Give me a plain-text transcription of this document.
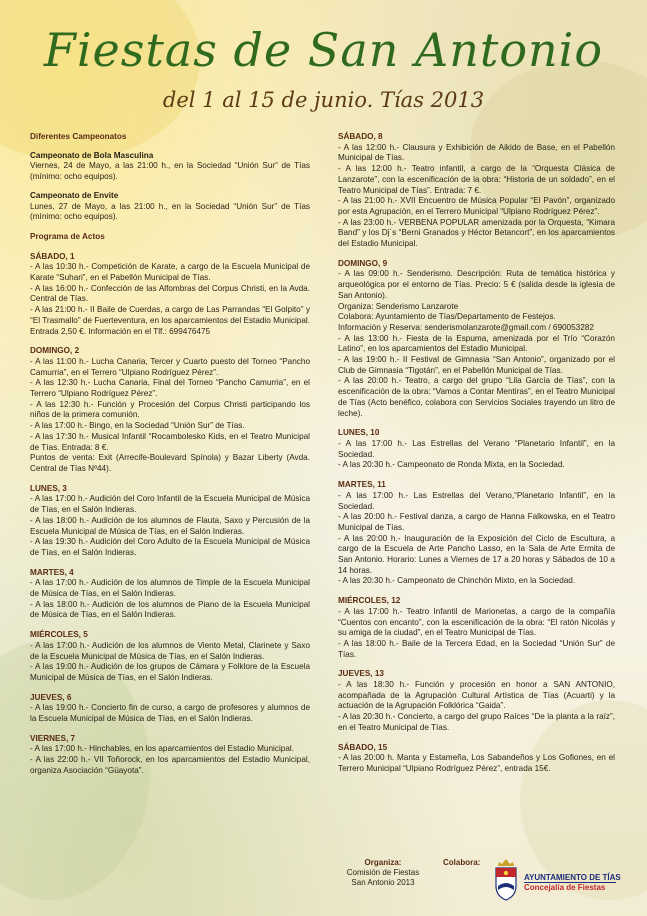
Fiestas de San Antonio
del 1 al 15 de junio. Tías 2013

Diferentes Campeonatos

Campeonato de Bola Masculina

Viernes, 24 de Mayo, a las 21:00 h., en la Sociedad “Unión Sur” de Tías (mínimo: ocho equipos).

Campeonato de Envite

Lunes, 27 de Mayo, a las 21:00 h., en la Sociedad “Unión Sur” de Tías (mínimo: ocho equipos).

Programa de Actos

SÁBADO, 1

- A las 10:30 h.- Competición de Karate, a cargo de la Escuela Municipal de Karate “Suhari”, en el Pabellón Municipal de Tías.

- A las 16:00 h.- Confección de las Alfombras del Corpus Christi, en la Avda. Central de Tías.

- A las 21:00 h.- II Baile de Cuerdas, a cargo de Las Parrandas “El Golpito” y “El Trasmallo” de Fuerteventura, en los aparcamientos del Estadio Municipal. Entrada 2,50 €. Información en el Tlf.: 699476475

DOMINGO, 2

- A las 11:00 h.- Lucha Canaria, Tercer y Cuarto puesto del Torneo “Pancho Camurria”, en el Terrero “Ulpiano Rodríguez Pérez”.

- A las 12:30 h.- Lucha Canaria, Final del Torneo “Pancho Camurria”, en el Terrero “Ulpiano Rodríguez Pérez”.

- A las 12:30 h.- Función y Procesión del Corpus Christi participando los niños de la primera comunión.

- A las 17:00 h.- Bingo, en la Sociedad “Unión Sur” de Tías.

- A las 17:30 h.- Musical Infantil “Rocambolesko Kids, en el Teatro Municipal de Tías. Entrada: 8 €.

Puntos de venta: Exit (Arrecife-Boulevard Spínola) y Bazar Liberty (Avda. Central de Tías Nº44).

LUNES, 3

- A las 17:00 h.- Audición del Coro Infantil de la Escuela Municipal de Música de Tías, en el Salón Indieras.

- A las 18:00 h.- Audición de los alumnos de Flauta, Saxo y Percusión de la Escuela Municipal de Música de Tías, en el Salón Indieras.

- A las 19:30 h.- Audición del Coro Adulto de la Escuela Municipal de Música de Tías, en el Salón Indieras.

MARTES, 4

- A las 17:00 h.- Audición de los alumnos de Timple de la Escuela Municipal de Música de Tías, en el Salón Indieras.

- A las 18:00 h.- Audición de los alumnos de Piano de la Escuela Municipal de Música de Tías, en el Salón Indieras.

MIÉRCOLES, 5

- A las 17:00 h.- Audición de los alumnos de Viento Metal, Clarinete y Saxo de la Escuela Municipal de Música de Tías, en el Salón Indieras.

- A las 19:00 h.- Audición de los grupos de Cámara y Folklore de la Escuela Municipal de Música de Tías, en el Salón Indieras.

JUEVES, 6

- A las 19:00 h.- Concierto fin de curso, a cargo de profesores y alumnos de la Escuela Municipal de Música de Tías, en el Salón Indieras.

VIERNES, 7

- A las 17:00 h.- Hinchables, en los aparcamientos del Estadio Municipal.

- A las 22:00 h.- VII Toñorock, en los aparcamientos del Estadio Municipal, organiza Asociación “Güayota”.

SÁBADO, 8

- A las 12:00 h.- Clausura y Exhibición de Aikido de Base, en el Pabellón Municipal de Tías.

- A las 12:00 h.- Teatro infantil, a cargo de la “Orquesta Clásica de Lanzarote”, con la escenificación de la obra: “Historia de un soldado”, en el Teatro Municipal de Tías”. Entrada: 7 €.

- A las 21:00 h.- XVII Encuentro de Música Popular “El Pavón”, organizado por esta Agrupación, en el Terrero Municipal “Ulpiano Rodríguez Pérez”.

- A las 23:00 h.- VERBENA POPULAR amenizada por la Orquesta, “Kimara Band” y los Dj´s “Berni Granados y Héctor Betancort”, en los aparcamientos del Estadio Municipal.

DOMINGO, 9

- A las 09:00 h.- Senderismo. Descripción: Ruta de temática histórica y arqueológica por el entorno de Tías. Precio: 5 € (salida desde la iglesia de San Antonio).

Organiza: Senderismo Lanzarote

Colabora: Ayuntamiento de Tías/Departamento de Festejos.

Información y Reserva: senderismolanzarote@gmail.com / 690053282

- A las 13:00 h.- Fiesta de la Espuma, amenizada por el Trío “Corazón Latino”, en los aparcamientos del Estadio Municipal.

- A las 19:00 h.- II Festival de Gimnasia “San Antonio”, organizado por el Club de Gimnasia “Tigotán”, en el Pabellón Municipal de Tías.

- A las 20:00 h.- Teatro, a cargo del grupo “Lila García de Tías”, con la escenificación de la obra: “Vamos a Contar Mentiras”, en el Teatro Municipal de Tías (Acto benéfico, colabora con Servicios Sociales trayendo un litro de leche).

LUNES, 10

- A las 17:00 h.- Las Estrellas del Verano “Planetario Infantil”, en la Sociedad.

- A las 20:30 h.- Campeonato de Ronda Mixta, en la Sociedad.

MARTES, 11

- A las 17:00 h.- Las Estrellas del Verano,“Planetario Infantil”, en la Sociedad.

- A las 20:00 h.- Festival danza, a cargo de Hanna Falkowska, en el Teatro Municipal de Tías.

- A las 20:00 h.- Inauguración de la Exposición del Ciclo de Escultura, a cargo de la Escuela de Arte Pancho Lasso, en la Sala de Arte Ermita de San Antonio. Horario: Lunes a Viernes de 17 a 20 horas y Sábados de 10 a 14 horas.

- A las 20:30 h.- Campeonato de Chinchón Mixto, en la Sociedad.

MIÉRCOLES, 12

- A las 17:00 h.- Teatro Infantil de Marionetas, a cargo de la compañía “Cuentos con encanto”, con la escenificación de la obra: “El ratón Nicolás y su amiga de la ciudad”, en el Teatro Municipal de Tías.

- A las 18:00 h.- Baile de la Tercera Edad, en la Sociedad “Unión Sur” de Tías.

JUEVES, 13

- A las 18:30 h.- Función y procesión en honor a SAN ANTONIO, acompañada de la Agrupación Cultural Artística de Tías (Acuarti) y la actuación de la Agrupación Folklórica “Gaida”.

- A las 20:30 h.- Concierto, a cargo del grupo Raíces “De la planta a la raíz”, en el Teatro Municipal de Tías.

SÁBADO, 15

- A las 20:00 h. Manta y Estameña, Los Sabandeños y Los Gofiones, en el Terrero Municipal “Ulpiano Rodríguez Pérez”, entrada 15€.

Organiza:
Comisión de Fiestas
San Antonio 2013
Colabora:
AYUNTAMIENTO DE TÍAS
Concejalía de Fiestas
